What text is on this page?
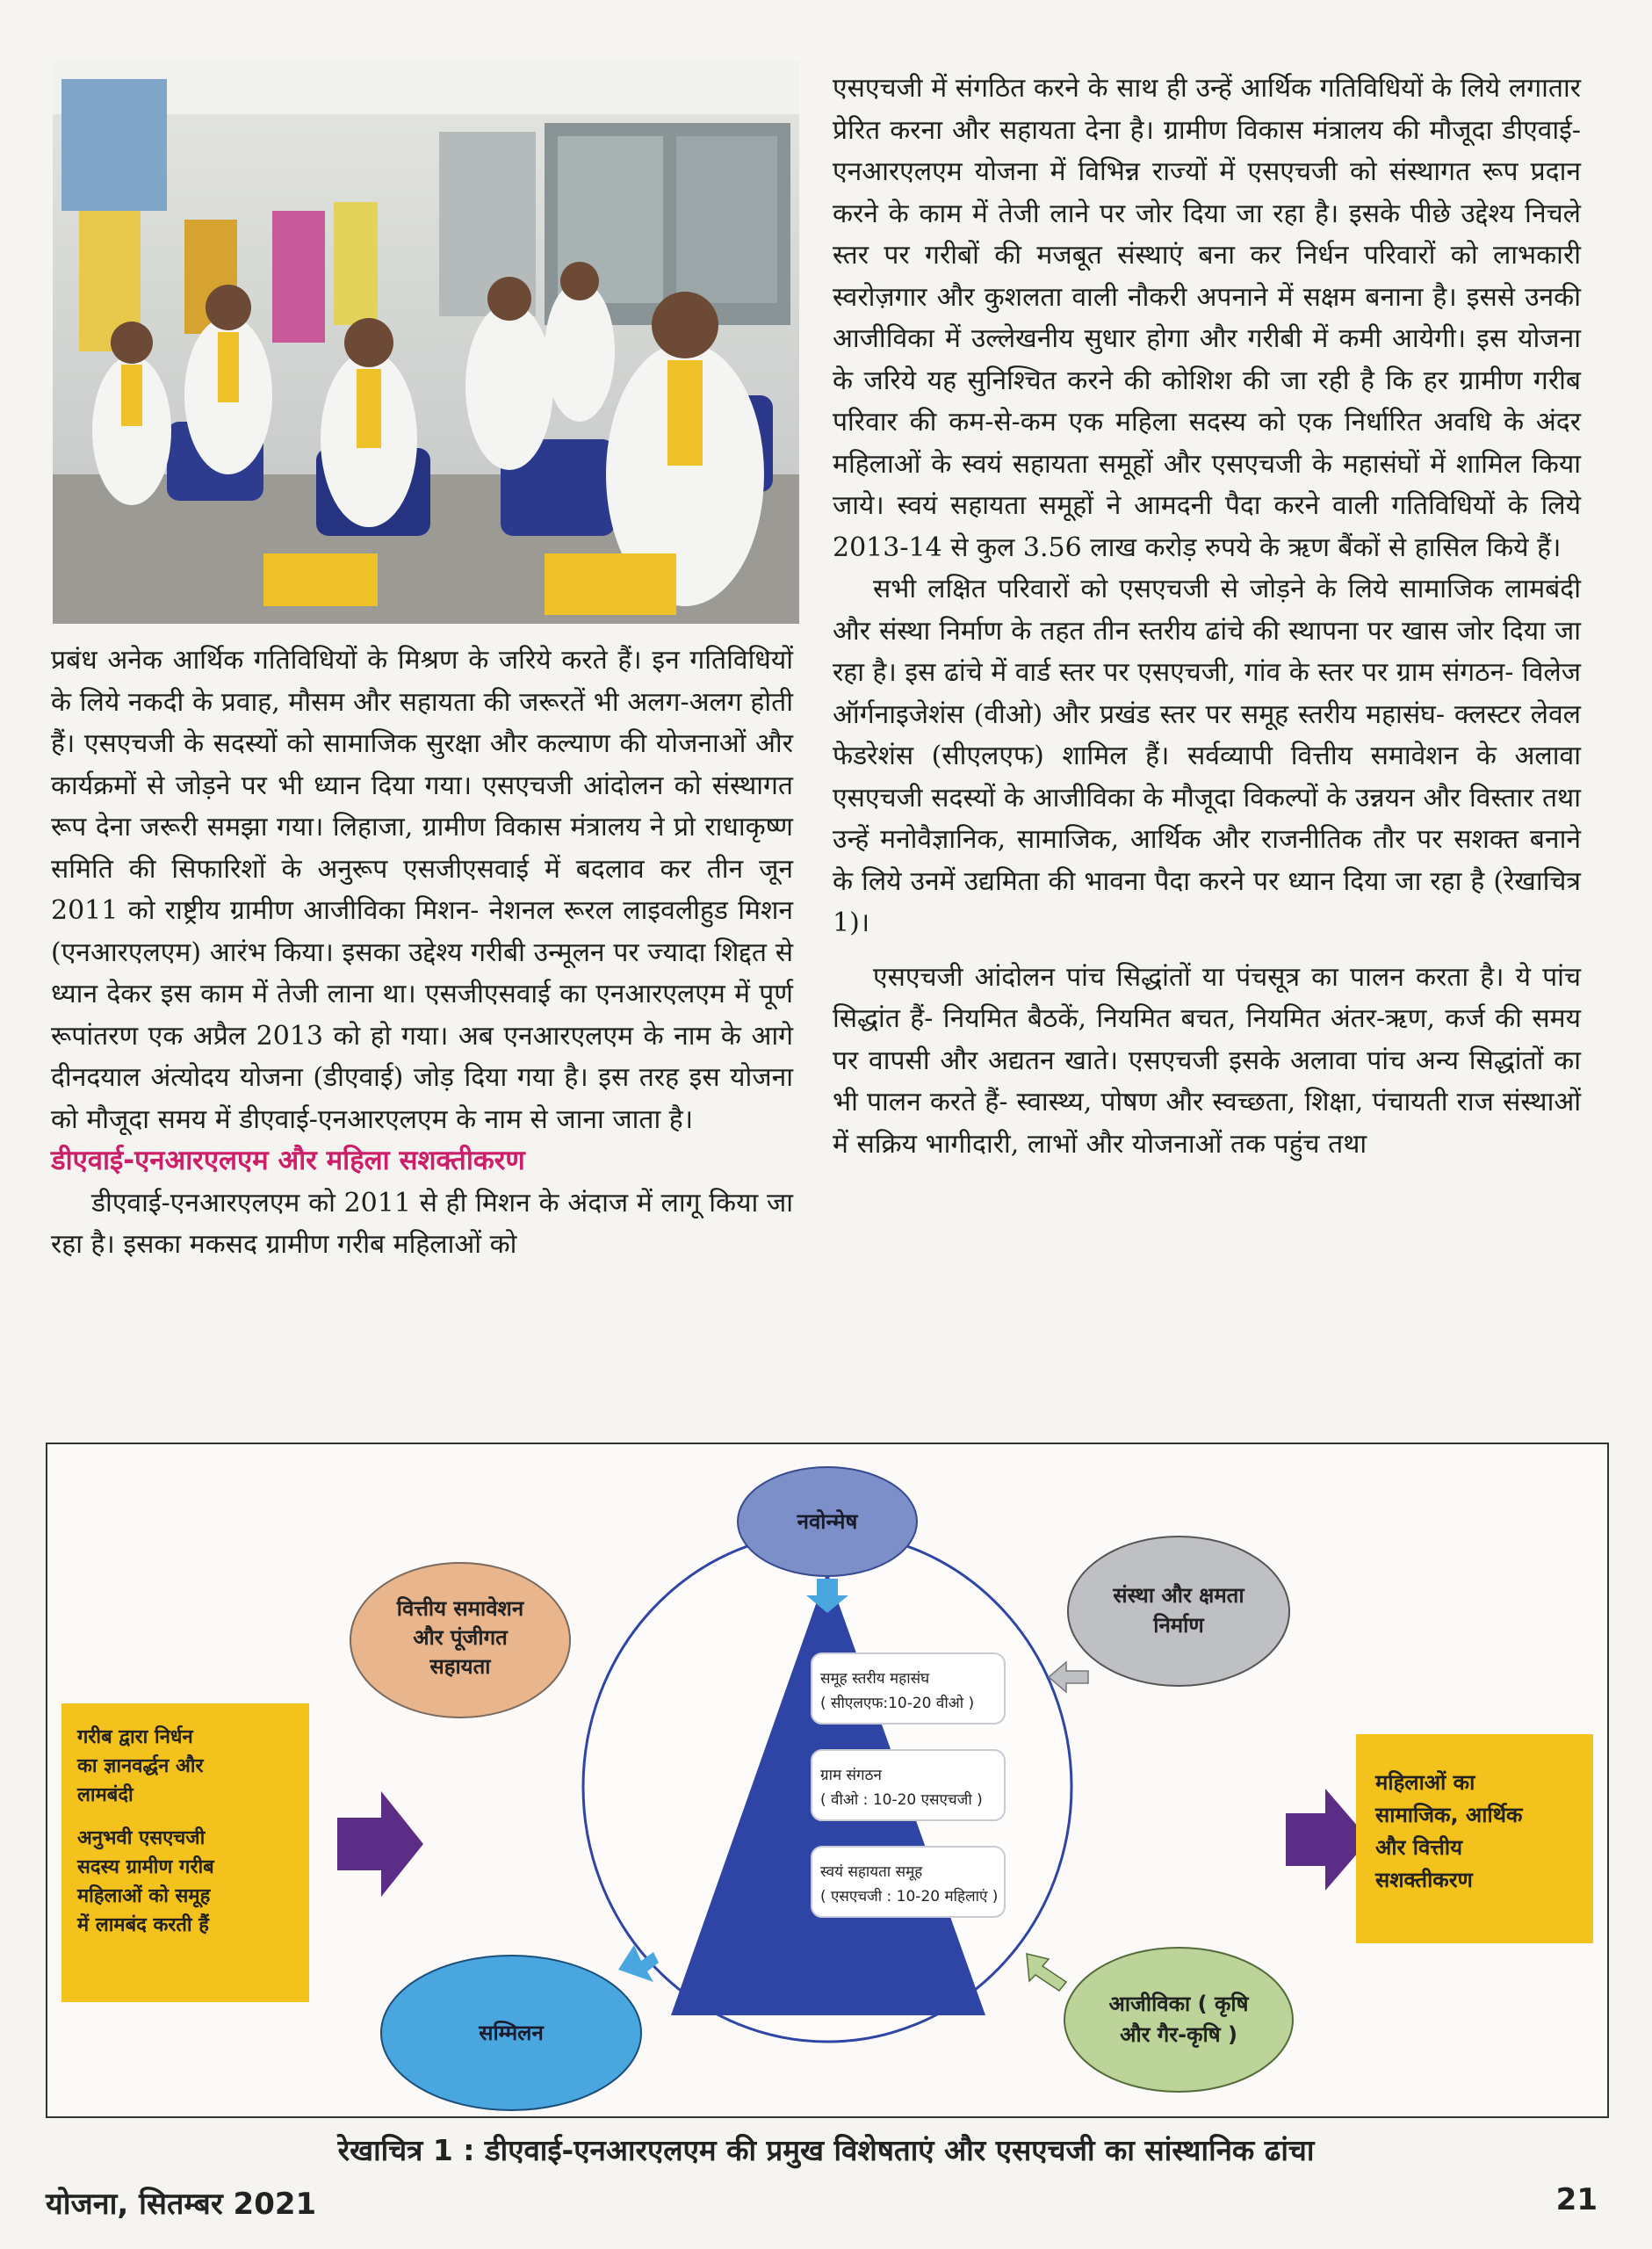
प्रबंध अनेक आर्थिक गतिविधियों के मिश्रण के जरिये करते हैं। इन गतिविधियों के लिये नकदी के प्रवाह, मौसम और सहायता की जरूरतें भी अलग-अलग होती हैं। एसएचजी के सदस्यों को सामाजिक सुरक्षा और कल्याण की योजनाओं और कार्यक्रमों से जोड़ने पर भी ध्यान दिया गया। एसएचजी आंदोलन को संस्थागत रूप देना जरूरी समझा गया। लिहाजा, ग्रामीण विकास मंत्रालय ने प्रो राधाकृष्ण समिति की सिफारिशों के अनुरूप एसजीएसवाई में बदलाव कर तीन जून 2011 को राष्ट्रीय ग्रामीण आजीविका मिशन- नेशनल रूरल लाइवलीहुड मिशन (एनआरएलएम) आरंभ किया। इसका उद्देश्य गरीबी उन्मूलन पर ज्यादा शिद्दत से ध्यान देकर इस काम में तेजी लाना था। एसजीएसवाई का एनआरएलएम में पूर्ण रूपांतरण एक अप्रैल 2013 को हो गया। अब एनआरएलएम के नाम के आगे दीनदयाल अंत्योदय योजना (डीएवाई) जोड़ दिया गया है। इस तरह इस योजना को मौजूदा समय में डीएवाई-एनआरएलएम के नाम से जाना जाता है।

डीएवाई-एनआरएलएम और महिला सशक्तीकरण

डीएवाई-एनआरएलएम को 2011 से ही मिशन के अंदाज में लागू किया जा रहा है। इसका मकसद ग्रामीण गरीब महिलाओं को

एसएचजी में संगठित करने के साथ ही उन्हें आर्थिक गतिविधियों के लिये लगातार प्रेरित करना और सहायता देना है। ग्रामीण विकास मंत्रालय की मौजूदा डीएवाई-एनआरएलएम योजना में विभिन्न राज्यों में एसएचजी को संस्थागत रूप प्रदान करने के काम में तेजी लाने पर जोर दिया जा रहा है। इसके पीछे उद्देश्य निचले स्तर पर गरीबों की मजबूत संस्थाएं बना कर निर्धन परिवारों को लाभकारी स्वरोज़गार और कुशलता वाली नौकरी अपनाने में सक्षम बनाना है। इससे उनकी आजीविका में उल्लेखनीय सुधार होगा और गरीबी में कमी आयेगी। इस योजना के जरिये यह सुनिश्चित करने की कोशिश की जा रही है कि हर ग्रामीण गरीब परिवार की कम-से-कम एक महिला सदस्य को एक निर्धारित अवधि के अंदर महिलाओं के स्वयं सहायता समूहों और एसएचजी के महासंघों में शामिल किया जाये। स्वयं सहायता समूहों ने आमदनी पैदा करने वाली गतिविधियों के लिये 2013-14 से कुल 3.56 लाख करोड़ रुपये के ऋण बैंकों से हासिल किये हैं।

सभी लक्षित परिवारों को एसएचजी से जोड़ने के लिये सामाजिक लामबंदी और संस्था निर्माण के तहत तीन स्तरीय ढांचे की स्थापना पर खास जोर दिया जा रहा है। इस ढांचे में वार्ड स्तर पर एसएचजी, गांव के स्तर पर ग्राम संगठन- विलेज ऑर्गनाइजेशंस (वीओ) और प्रखंड स्तर पर समूह स्तरीय महासंघ- क्लस्टर लेवल फेडरेशंस (सीएलएफ) शामिल हैं। सर्वव्यापी वित्तीय समावेशन के अलावा एसएचजी सदस्यों के आजीविका के मौजूदा विकल्पों के उन्नयन और विस्तार तथा उन्हें मनोवैज्ञानिक, सामाजिक, आर्थिक और राजनीतिक तौर पर सशक्त बनाने के लिये उनमें उद्यमिता की भावना पैदा करने पर ध्यान दिया जा रहा है (रेखाचित्र 1)।

एसएचजी आंदोलन पांच सिद्धांतों या पंचसूत्र का पालन करता है। ये पांच सिद्धांत हैं- नियमित बैठकें, नियमित बचत, नियमित अंतर-ऋण, कर्ज की समय पर वापसी और अद्यतन खाते। एसएचजी इसके अलावा पांच अन्य सिद्धांतों का भी पालन करते हैं- स्वास्थ्य, पोषण और स्वच्छता, शिक्षा, पंचायती राज संस्थाओं में सक्रिय भागीदारी, लाभों और योजनाओं तक पहुंच तथा

समूह स्तरीय महासंघ
( सीएलएफ:10-20 वीओ )
ग्राम संगठन
( वीओ : 10-20 एसएचजी )
स्वयं सहायता समूह
( एसएचजी : 10-20 महिलाएं )
नवोन्मेष
वित्तीय समावेशन
और पूंजीगत
सहायता
संस्था और क्षमता
निर्माण
सम्मिलन
आजीविका ( कृषि
और गैर-कृषि )
गरीब द्वारा निर्धन
का ज्ञानवर्द्धन और
लामबंदी
अनुभवी एसएचजी
सदस्य ग्रामीण गरीब
महिलाओं को समूह
में लामबंद करती हैं
महिलाओं का
सामाजिक, आर्थिक
और वित्तीय
सशक्तीकरण
रेखाचित्र 1 : डीएवाई-एनआरएलएम की प्रमुख विशेषताएं और एसएचजी का सांस्थानिक ढांचा
योजना, सितम्बर 2021	21
